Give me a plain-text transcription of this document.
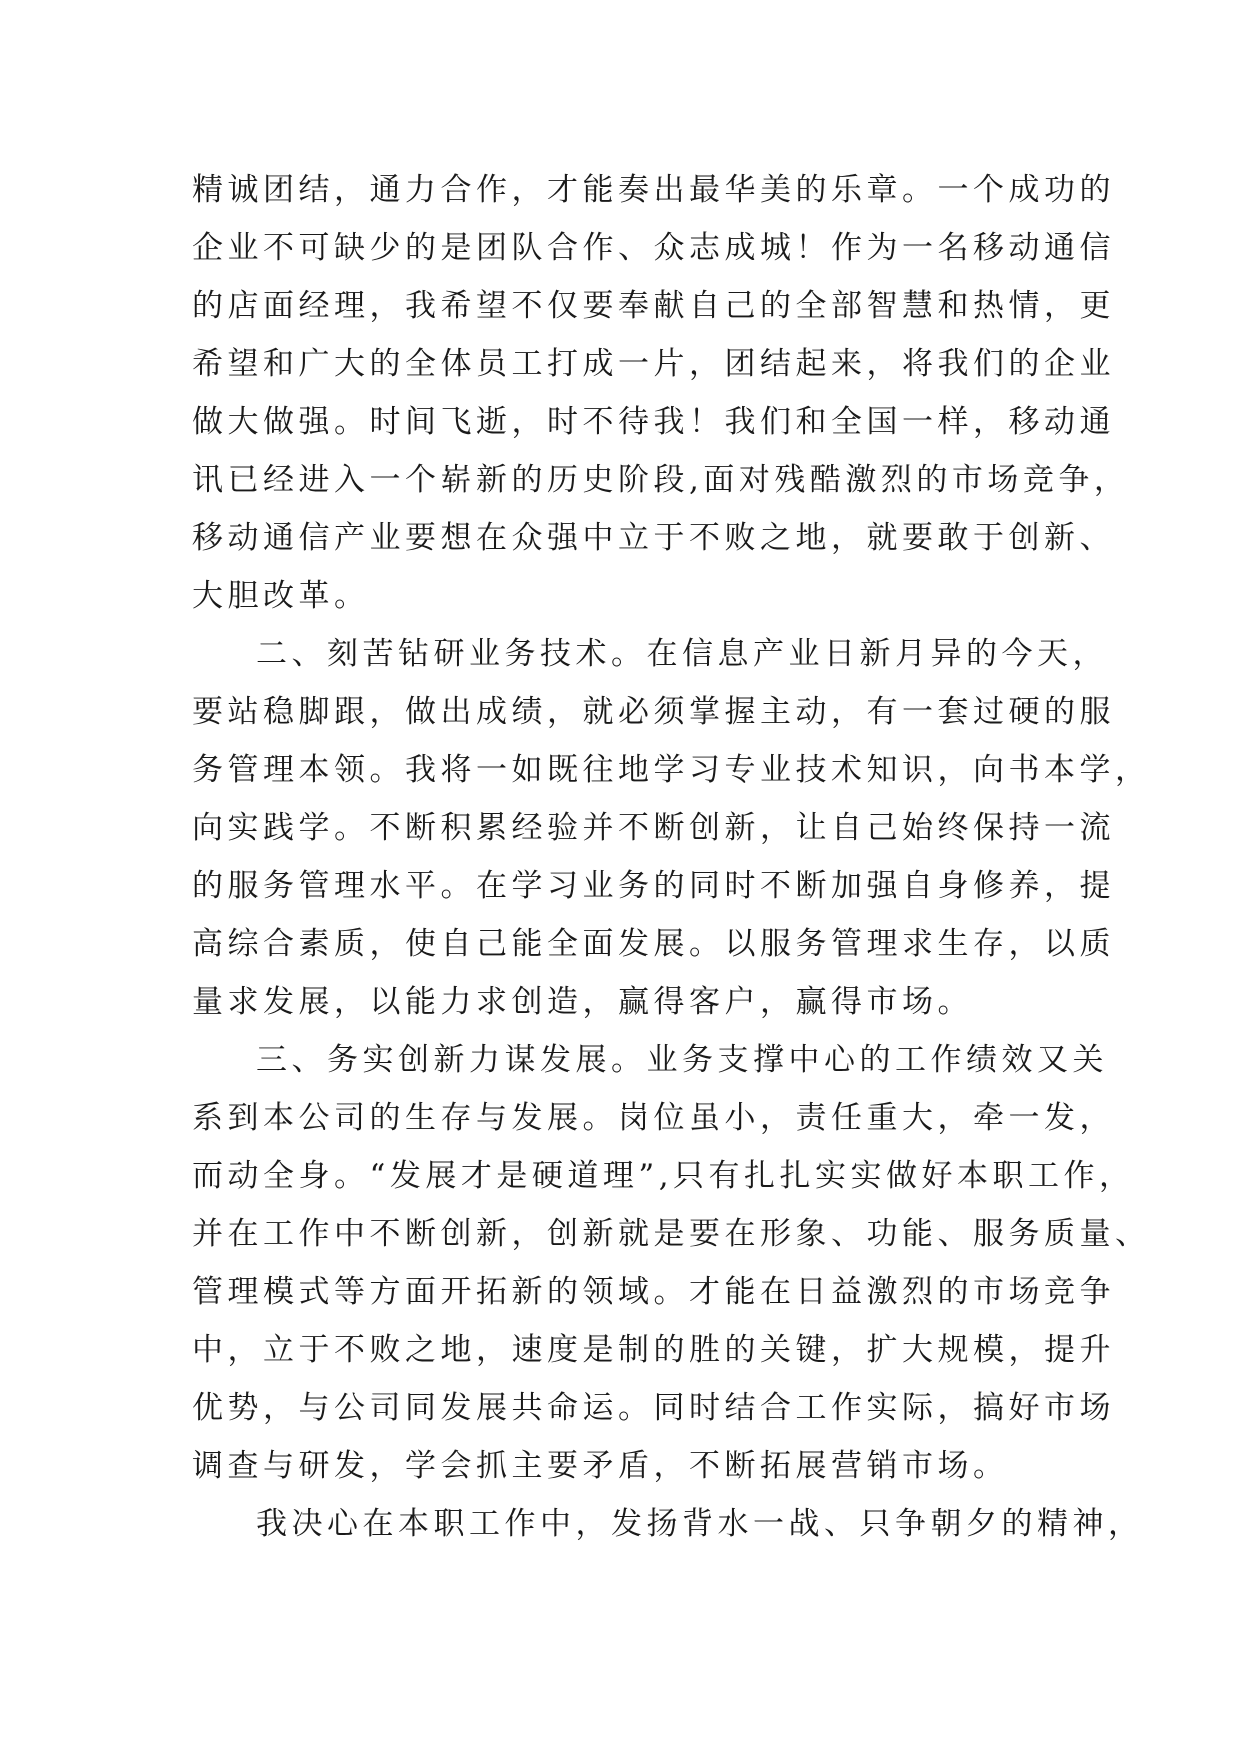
精诚团结，通力合作，才能奏出最华美的乐章。一个成功的
企业不可缺少的是团队合作、众志成城！作为一名移动通信
的店面经理，我希望不仅要奉献自己的全部智慧和热情，更
希望和广大的全体员工打成一片，团结起来，将我们的企业
做大做强。时间飞逝，时不待我！我们和全国一样，移动通
讯已经进入一个崭新的历史阶段,面对残酷激烈的市场竞争，
移动通信产业要想在众强中立于不败之地，就要敢于创新、
大胆改革。
二、刻苦钻研业务技术。在信息产业日新月异的今天，
要站稳脚跟，做出成绩，就必须掌握主动，有一套过硬的服
务管理本领。我将一如既往地学习专业技术知识，向书本学，
向实践学。不断积累经验并不断创新，让自己始终保持一流
的服务管理水平。在学习业务的同时不断加强自身修养，提
高综合素质，使自己能全面发展。以服务管理求生存，以质
量求发展，以能力求创造，赢得客户，赢得市场。
三、务实创新力谋发展。业务支撑中心的工作绩效又关
系到本公司的生存与发展。岗位虽小，责任重大，牵一发，
而动全身。“发展才是硬道理”,只有扎扎实实做好本职工作，
并在工作中不断创新，创新就是要在形象、功能、服务质量、
管理模式等方面开拓新的领域。才能在日益激烈的市场竞争
中，立于不败之地，速度是制的胜的关键，扩大规模，提升
优势，与公司同发展共命运。同时结合工作实际，搞好市场
调查与研发，学会抓主要矛盾，不断拓展营销市场。
我决心在本职工作中，发扬背水一战、只争朝夕的精神，
